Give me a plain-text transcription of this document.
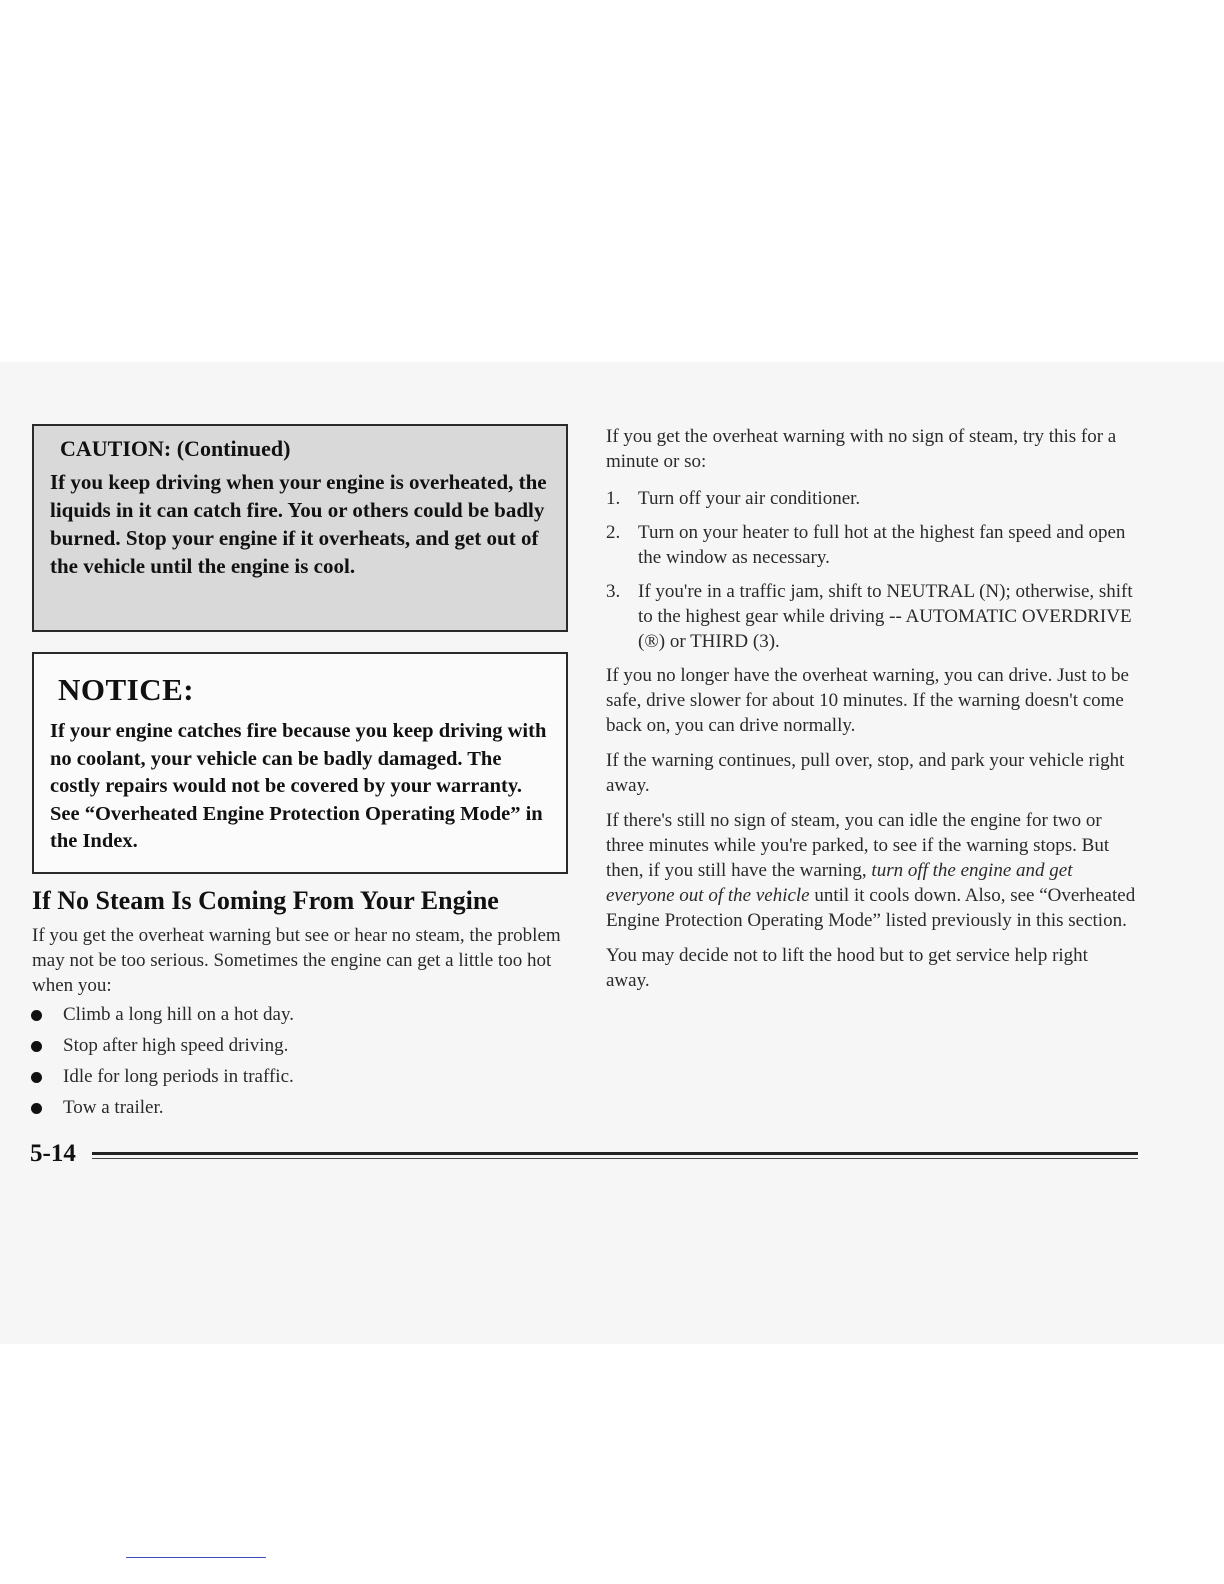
CAUTION: (Continued)

If you keep driving when your engine is overheated, the liquids in it can catch fire. You or others could be badly burned. Stop your engine if it overheats, and get out of the vehicle until the engine is cool.

NOTICE:

If your engine catches fire because you keep driving with no coolant, your vehicle can be badly damaged. The costly repairs would not be covered by your warranty. See “Overheated Engine Protection Operating Mode” in the Index.

If No Steam Is Coming From Your Engine

If you get the overheat warning but see or hear no steam, the problem may not be too serious. Sometimes the engine can get a little too hot when you:

Climb a long hill on a hot day.
Stop after high speed driving.
Idle for long periods in traffic.
Tow a trailer.

If you get the overheat warning with no sign of steam, try this for a minute or so:

1. Turn off your air conditioner.
2. Turn on your heater to full hot at the highest fan speed and open the window as necessary.
3. If you're in a traffic jam, shift to NEUTRAL (N); otherwise, shift to the highest gear while driving -- AUTOMATIC OVERDRIVE (®) or THIRD (3).

If you no longer have the overheat warning, you can drive. Just to be safe, drive slower for about 10 minutes. If the warning doesn't come back on, you can drive normally.

If the warning continues, pull over, stop, and park your vehicle right away.

If there's still no sign of steam, you can idle the engine for two or three minutes while you're parked, to see if the warning stops. But then, if you still have the warning, turn off the engine and get everyone out of the vehicle until it cools down. Also, see “Overheated Engine Protection Operating Mode” listed previously in this section.

You may decide not to lift the hood but to get service help right away.

5-14
